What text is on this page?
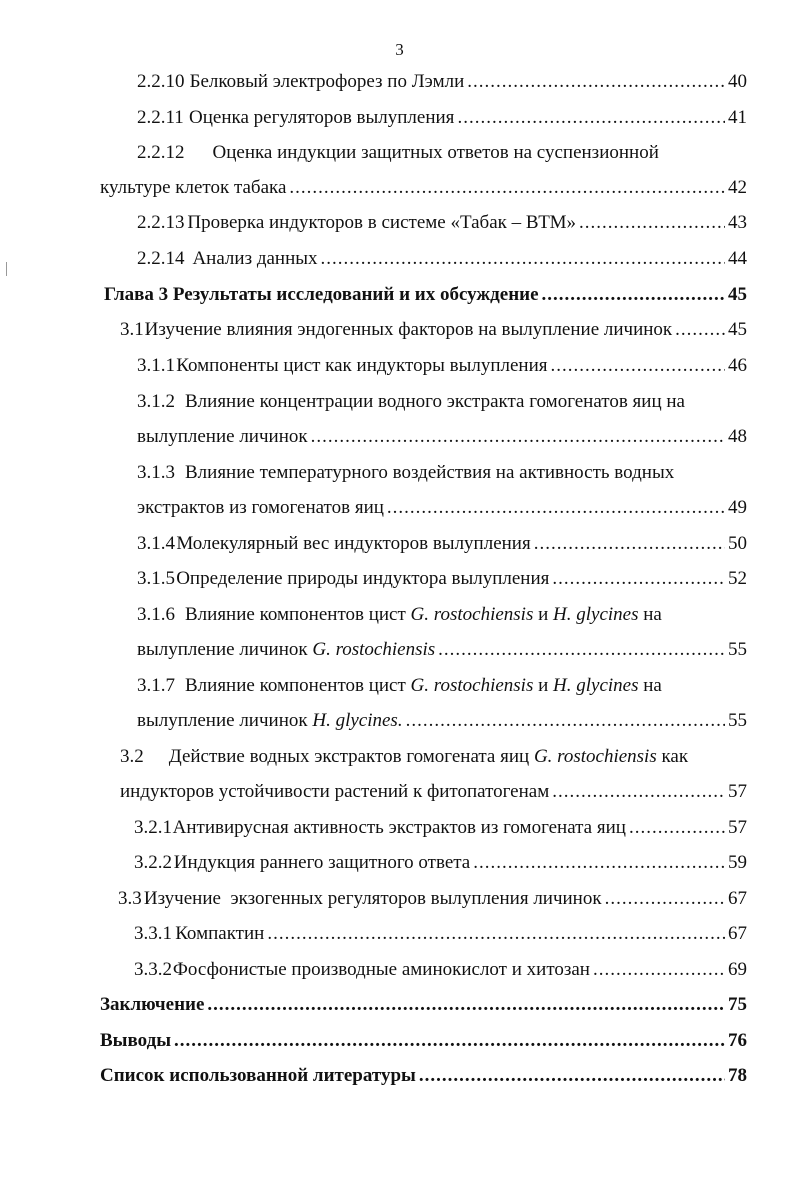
3
2.2.10 Белковый электрофорез по Лэмли .....	40
2.2.11 Оценка регуляторов вылупления .....	41
2.2.12 Оценка индукции защитных ответов на суспензионной
культуре клеток табака .....	42
2.2.13 Проверка индукторов в системе «Табак – ВТМ» .....	43
2.2.14 Анализ данных .....	44
Глава 3 Результаты исследований и их обсуждение .....	45
3.1 Изучение влияния эндогенных факторов на вылупление личинок .....	45
3.1.1 Компоненты цист как индукторы вылупления .....	46
3.1.2 Влияние концентрации водного экстракта гомогенатов яиц на
вылупление личинок .....	48
3.1.3 Влияние температурного воздействия на активность водных
экстрактов из гомогенатов яиц .....	49
3.1.4 Молекулярный вес индукторов вылупления .....	50
3.1.5 Определение природы индуктора вылупления .....	52
3.1.6 Влияние компонентов цист G. rostochiensis и H. glycines на
вылупление личинок G. rostochiensis .....	55
3.1.7 Влияние компонентов цист G. rostochiensis и H. glycines на
вылупление личинок H. glycines. .....	55
3.2 Действие водных экстрактов гомогената яиц G. rostochiensis как
индукторов устойчивости растений к фитопатогенам .....	57
3.2.1 Антивирусная активность экстрактов из гомогената яиц .....	57
3.2.2 Индукция раннего защитного ответа .....	59
3.3 Изучение  экзогенных регуляторов вылупления личинок .....	67
3.3.1 Компактин .....	67
3.3.2 Фосфонистые производные аминокислот и хитозан .....	69
Заключение .....	75
Выводы .....	76
Список использованной литературы .....	78
